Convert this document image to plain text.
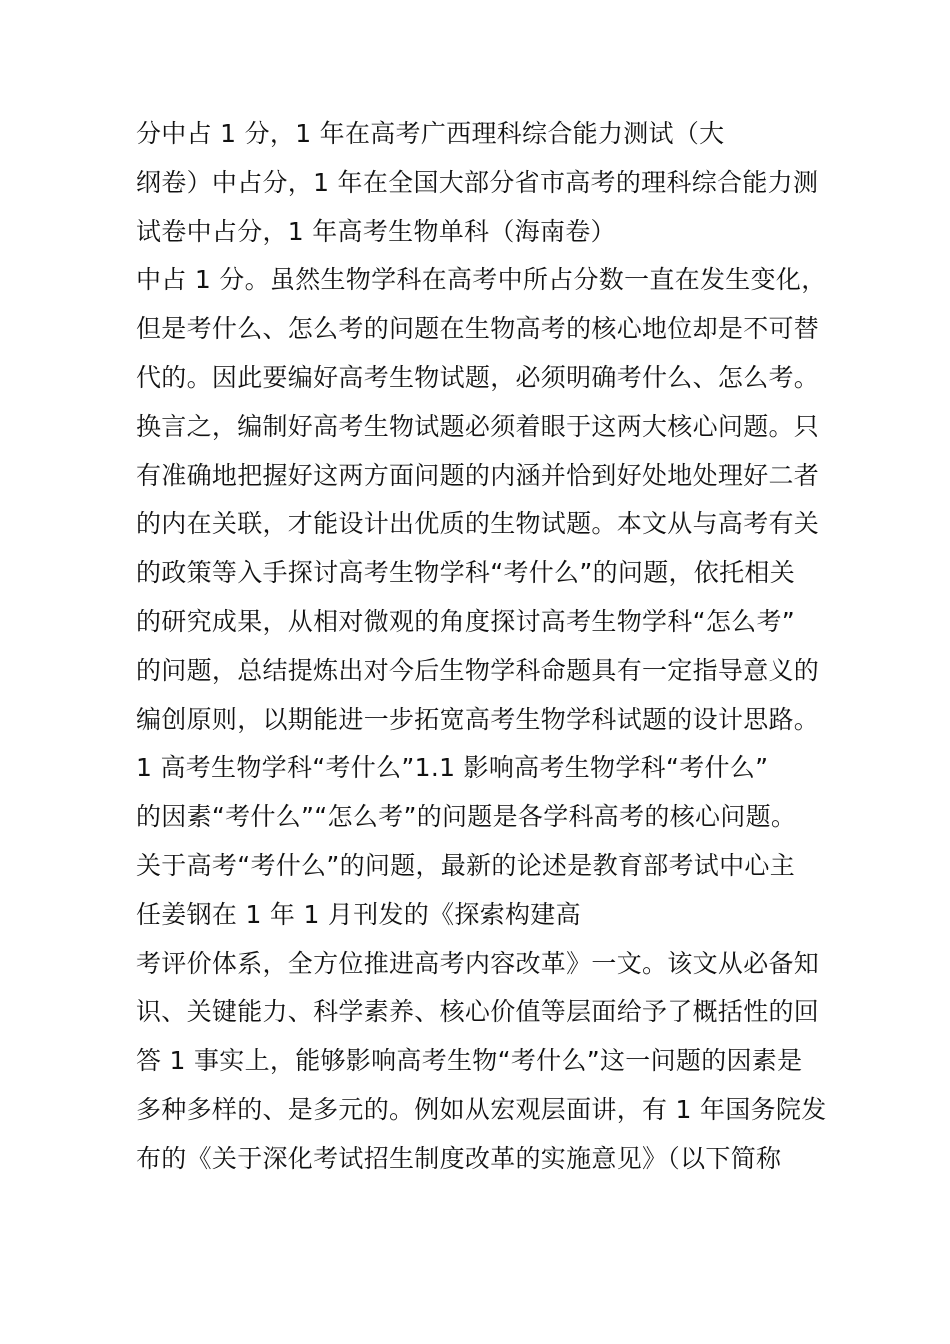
分中占 1 分，1 年在高考广西理科综合能力测试（大
纲卷）中占分，1 年在全国大部分省市高考的理科综合能力测
试卷中占分，1 年高考生物单科（海南卷）
中占 1 分。虽然生物学科在高考中所占分数一直在发生变化，
但是考什么、怎么考的问题在生物高考的核心地位却是不可替
代的。因此要编好高考生物试题，必须明确考什么、怎么考。
换言之，编制好高考生物试题必须着眼于这两大核心问题。只
有准确地把握好这两方面问题的内涵并恰到好处地处理好二者
的内在关联，才能设计出优质的生物试题。本文从与高考有关
的政策等入手探讨高考生物学科“考什么”的问题，依托相关
的研究成果，从相对微观的角度探讨高考生物学科“怎么考”
的问题，总结提炼出对今后生物学科命题具有一定指导意义的
编创原则，以期能进一步拓宽高考生物学科试题的设计思路。
1 高考生物学科“考什么”1.1 影响高考生物学科“考什么”
的因素“考什么”“怎么考”的问题是各学科高考的核心问题。
关于高考“考什么”的问题，最新的论述是教育部考试中心主
任姜钢在 1 年 1 月刊发的《探索构建高
考评价体系，全方位推进高考内容改革》一文。该文从必备知
识、关键能力、科学素养、核心价值等层面给予了概括性的回
答 1 事实上，能够影响高考生物“考什么”这一问题的因素是
多种多样的、是多元的。例如从宏观层面讲，有 1 年国务院发
布的《关于深化考试招生制度改革的实施意见》（以下简称
